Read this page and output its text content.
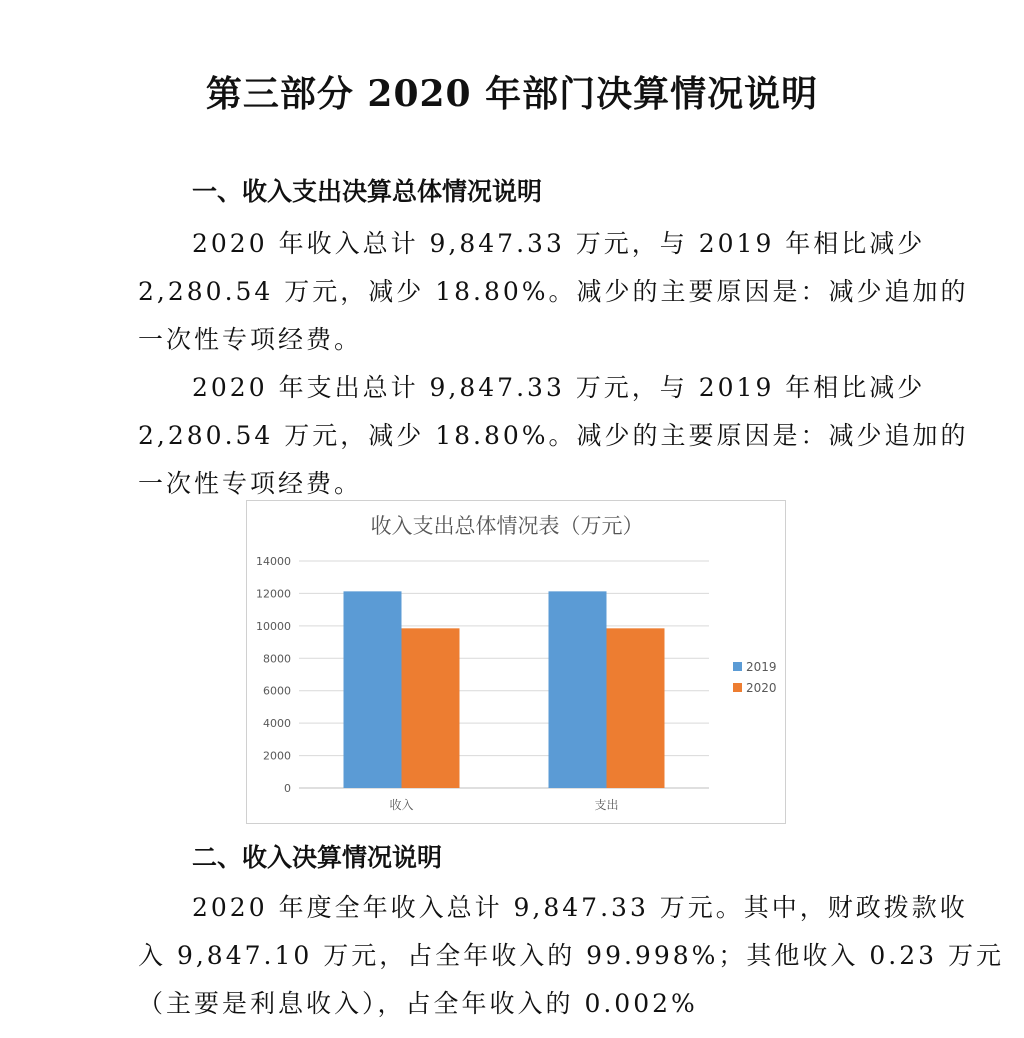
第三部分 2020 年部门决算情况说明
一、收入支出决算总体情况说明

2020 年收入总计 9,847.33 万元，与 2019 年相比减少

2,280.54 万元，减少 18.80%。减少的主要原因是：减少追加的

一次性专项经费。

2020 年支出总计 9,847.33 万元，与 2019 年相比减少

2,280.54 万元，减少 18.80%。减少的主要原因是：减少追加的

一次性专项经费。

收入支出总体情况表（万元）
0
2000
4000
6000
8000
10000
12000
14000
收入	支出
2019
2020
二、收入决算情况说明

2020 年度全年收入总计 9,847.33 万元。其中，财政拨款收

入 9,847.10 万元，占全年收入的 99.998%；其他收入 0.23 万元

（主要是利息收入），占全年收入的 0.002%
